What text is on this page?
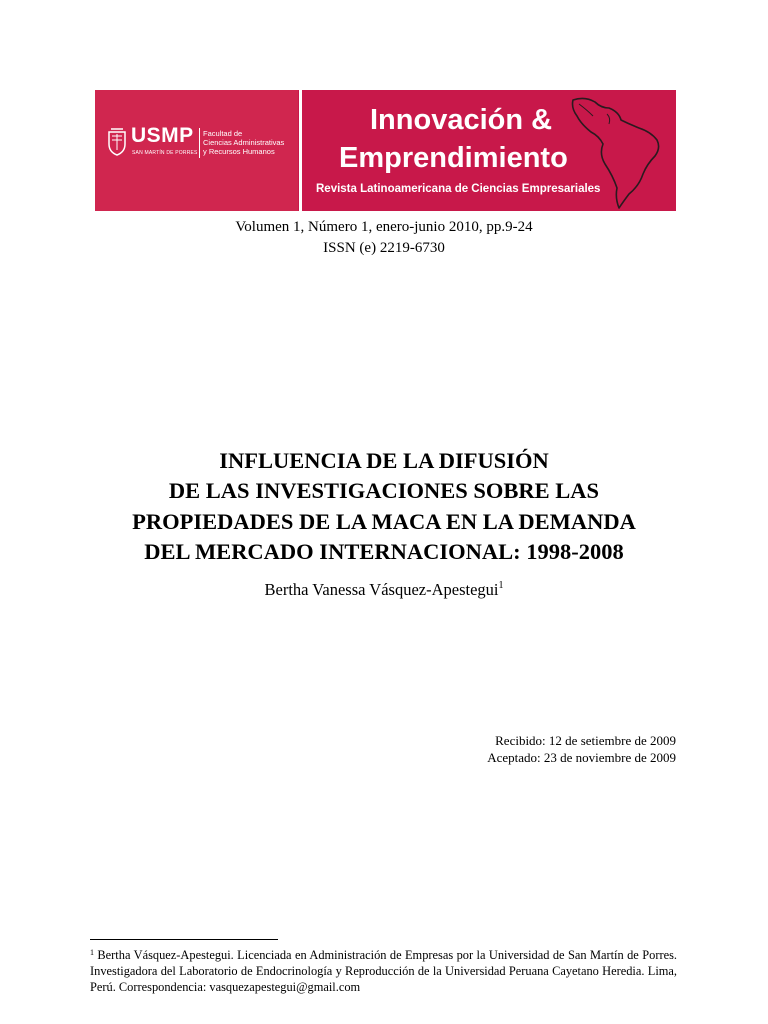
USMP
SAN MARTÍN DE PORRES
Facultad de
Ciencias Administrativas
y Recursos Humanos
Innovación &
Emprendimiento
Revista Latinoamericana de Ciencias Empresariales
Volumen 1, Número 1, enero-junio 2010, pp.9-24
ISSN (e) 2219-6730
INFLUENCIA DE LA DIFUSIÓN
DE LAS INVESTIGACIONES SOBRE LAS
PROPIEDADES DE LA MACA EN LA DEMANDA
DEL MERCADO INTERNACIONAL: 1998-2008
Bertha Vanessa Vásquez-Apestegui$^1$
Recibido: 12 de setiembre de 2009
Aceptado: 23 de noviembre de 2009
$^1$ Bertha Vásquez-Apestegui. Licenciada en Administración de Empresas por la Universidad de San Martín de Porres. Investigadora del Laboratorio de Endocrinología y Reproducción de la Universidad Peruana Cayetano Heredia. Lima, Perú. Correspondencia: vasquezapestegui@gmail.com
